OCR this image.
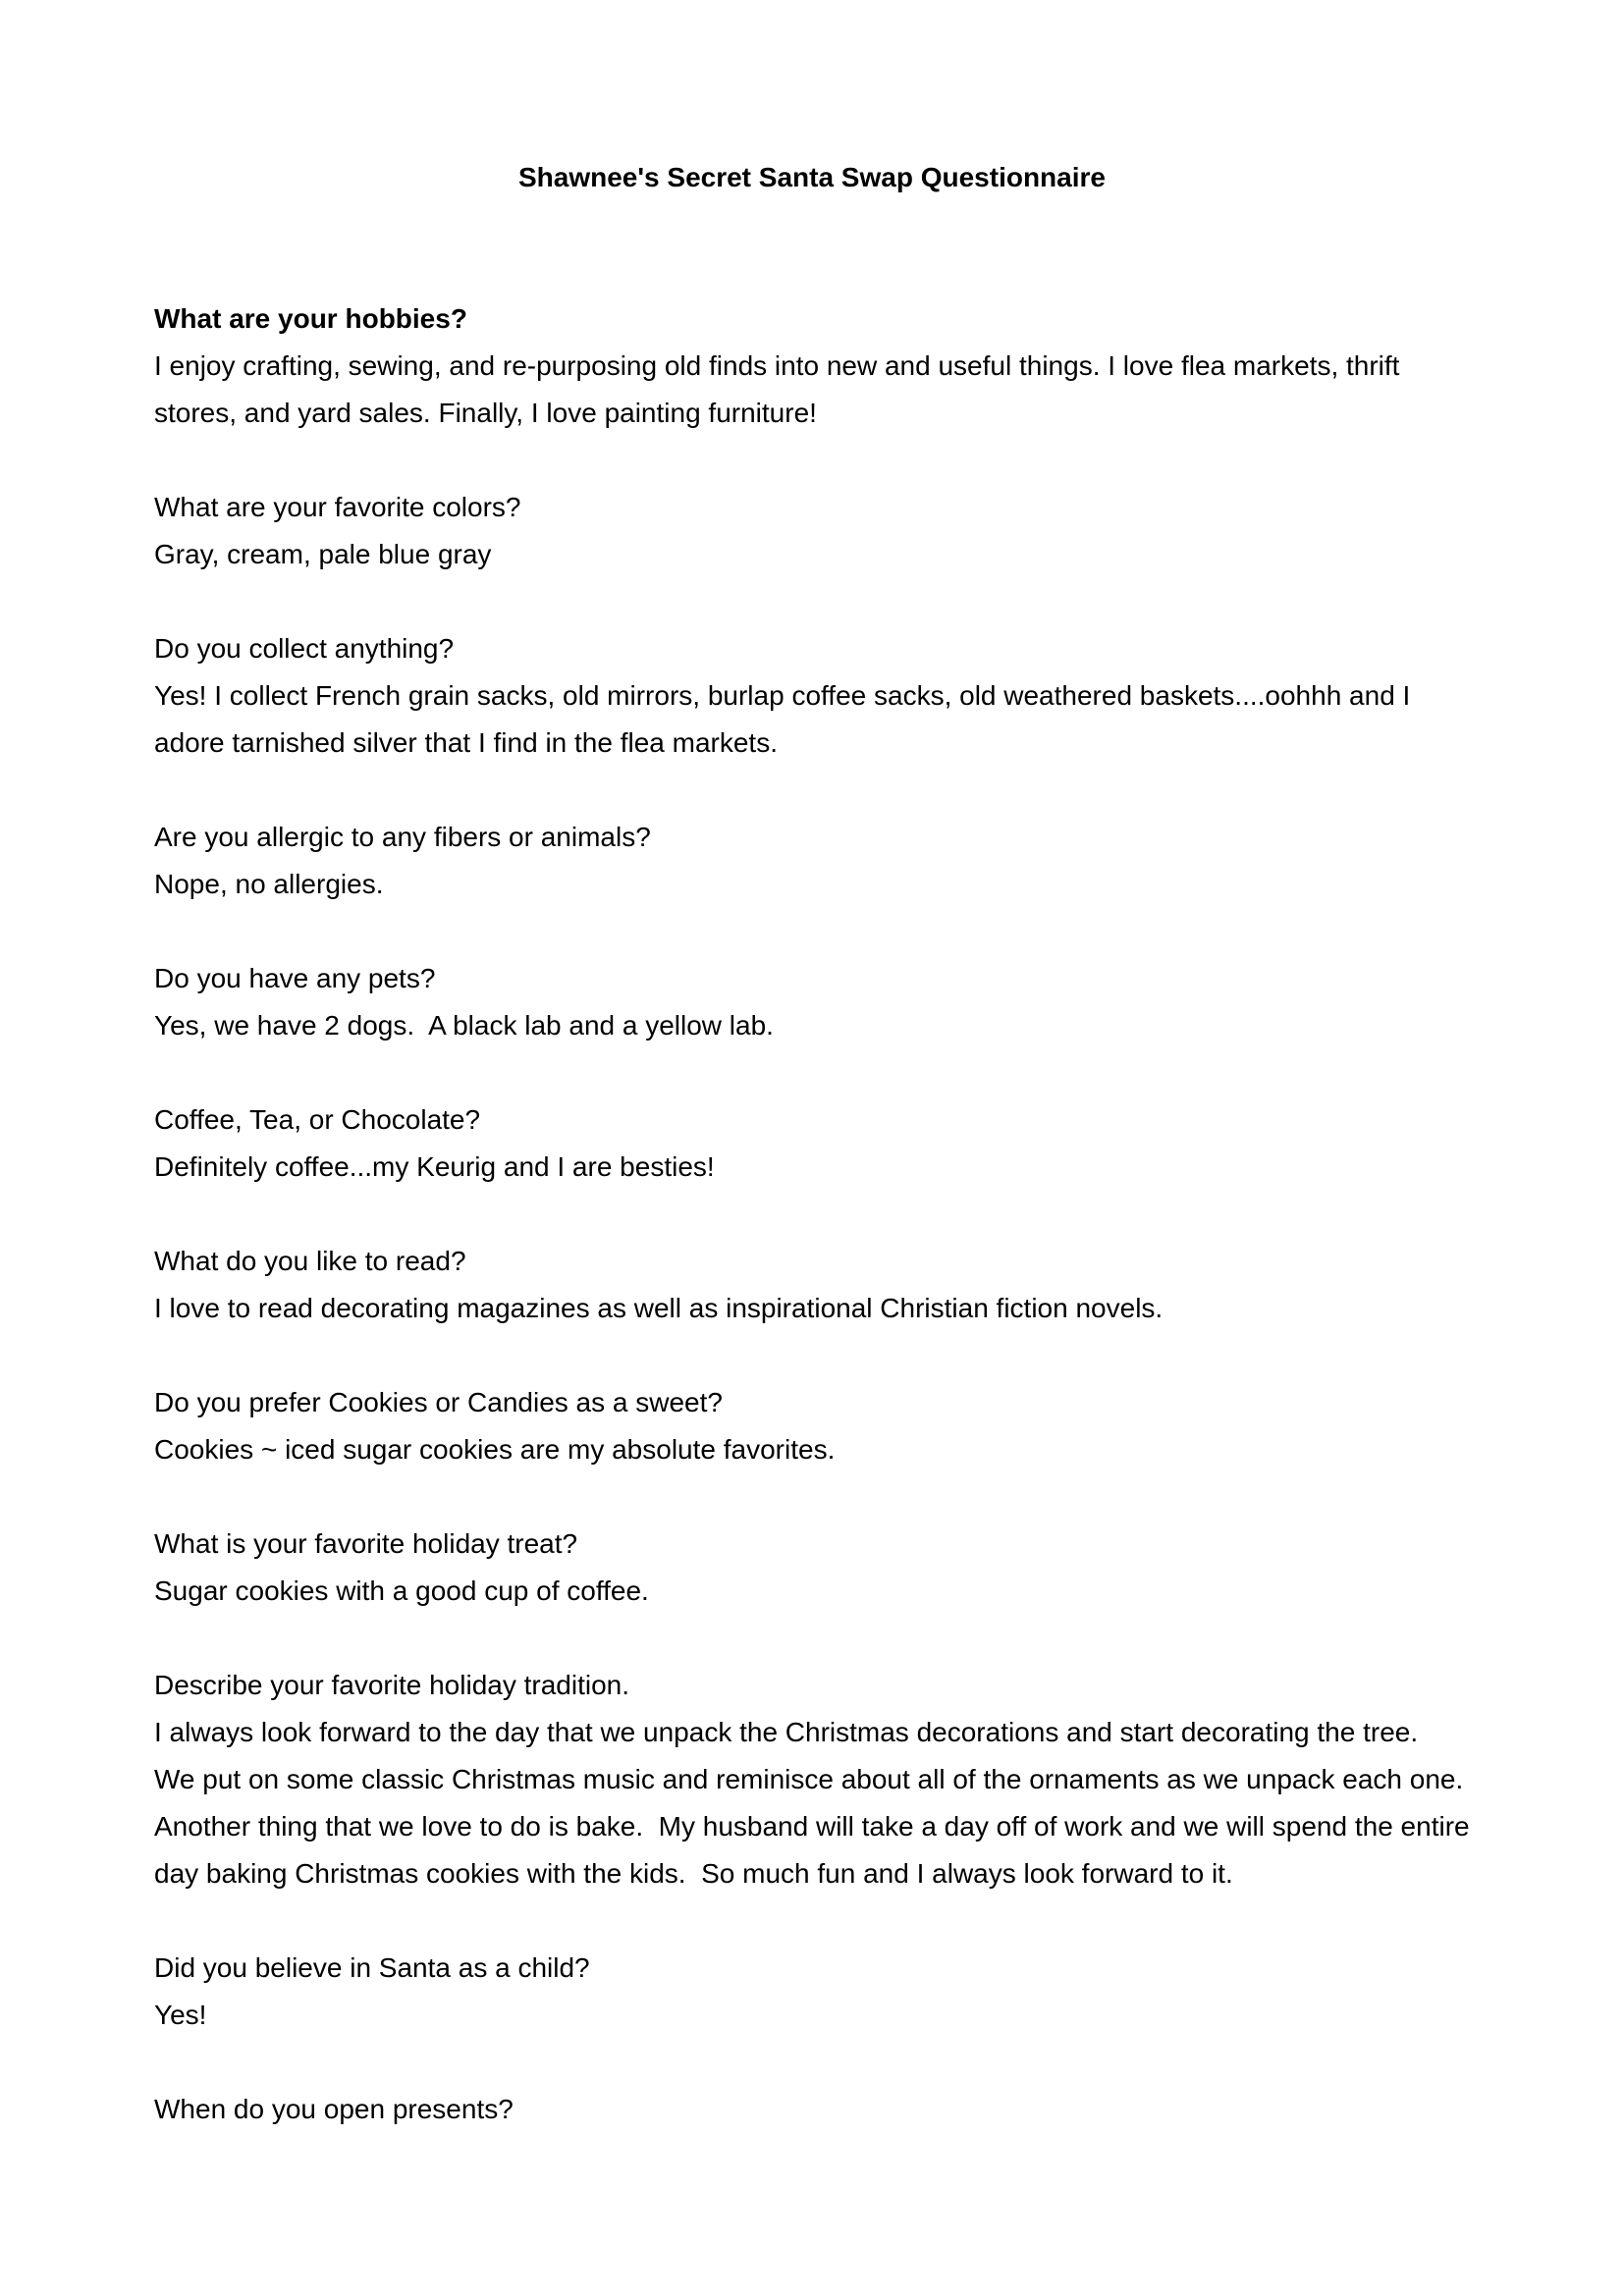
Shawnee's Secret Santa Swap Questionnaire
What are your hobbies?
I enjoy crafting, sewing, and re-purposing old finds into new and useful things. I love flea markets, thrift stores, and yard sales. Finally, I love painting furniture!
What are your favorite colors?
Gray, cream, pale blue gray
Do you collect anything?
Yes! I collect French grain sacks, old mirrors, burlap coffee sacks, old weathered baskets....oohhh and I adore tarnished silver that I find in the flea markets.
Are you allergic to any fibers or animals?
Nope, no allergies.
Do you have any pets?
Yes, we have 2 dogs.  A black lab and a yellow lab.
Coffee, Tea, or Chocolate?
Definitely coffee...my Keurig and I are besties!
What do you like to read?
I love to read decorating magazines as well as inspirational Christian fiction novels.
Do you prefer Cookies or Candies as a sweet?
Cookies ~ iced sugar cookies are my absolute favorites.
What is your favorite holiday treat?
Sugar cookies with a good cup of coffee.
Describe your favorite holiday tradition.
I always look forward to the day that we unpack the Christmas decorations and start decorating the tree.  We put on some classic Christmas music and reminisce about all of the ornaments as we unpack each one. Another thing that we love to do is bake.  My husband will take a day off of work and we will spend the entire day baking Christmas cookies with the kids.  So much fun and I always look forward to it.
Did you believe in Santa as a child?
Yes!
When do you open presents?
